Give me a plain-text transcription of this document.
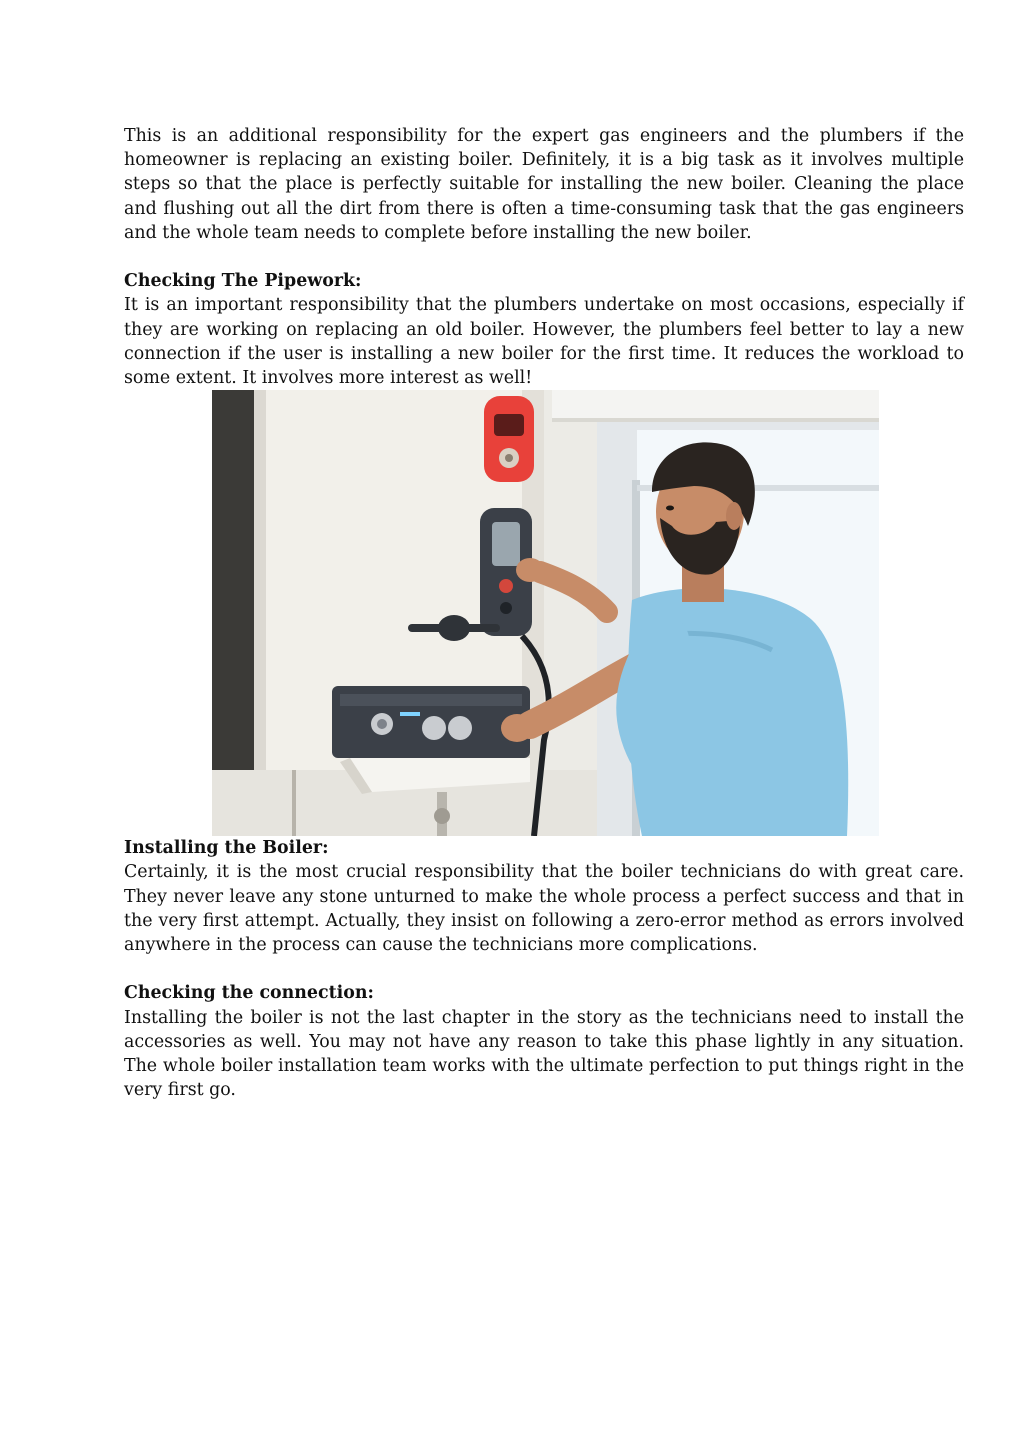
This is an additional responsibility for the expert gas engineers and the plumbers if the homeowner is replacing an existing boiler. Definitely, it is a big task as it involves multiple steps so that the place is perfectly suitable for installing the new boiler. Cleaning the place and flushing out all the dirt from there is often a time-consuming task that the gas engineers and the whole team needs to complete before installing the new boiler.

Checking The Pipework:

It is an important responsibility that the plumbers undertake on most occasions, especially if they are working on replacing an old boiler. However, the plumbers feel better to lay a new connection if the user is installing a new boiler for the first time. It reduces the workload to some extent. It involves more interest as well!

Installing the Boiler:

Certainly, it is the most crucial responsibility that the boiler technicians do with great care. They never leave any stone unturned to make the whole process a perfect success and that in the very first attempt. Actually, they insist on following a zero-error method as errors involved anywhere in the process can cause the technicians more complications.

Checking the connection:

Installing the boiler is not the last chapter in the story as the technicians need to install the accessories as well. You may not have any reason to take this phase lightly in any situation. The whole boiler installation team works with the ultimate perfection to put things right in the very first go.
